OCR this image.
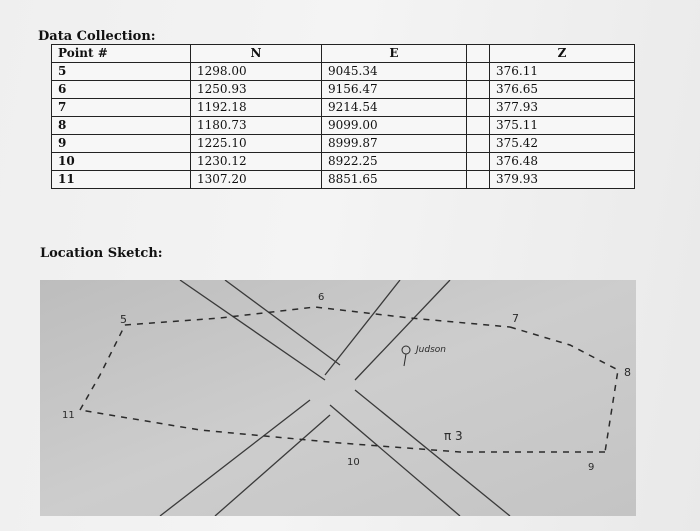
Data Collection:
Point #	N	E		Z
5	1298.00	9045.34		376.11
6	1250.93	9156.47		376.65
7	1192.18	9214.54		377.93
8	1180.73	9099.00		375.11
9	1225.10	8999.87		375.42
10	1230.12	8922.25		376.48
11	1307.20	8851.65		379.93
Location Sketch:
5
6
7
8
9
10
11
Judson
π 3
